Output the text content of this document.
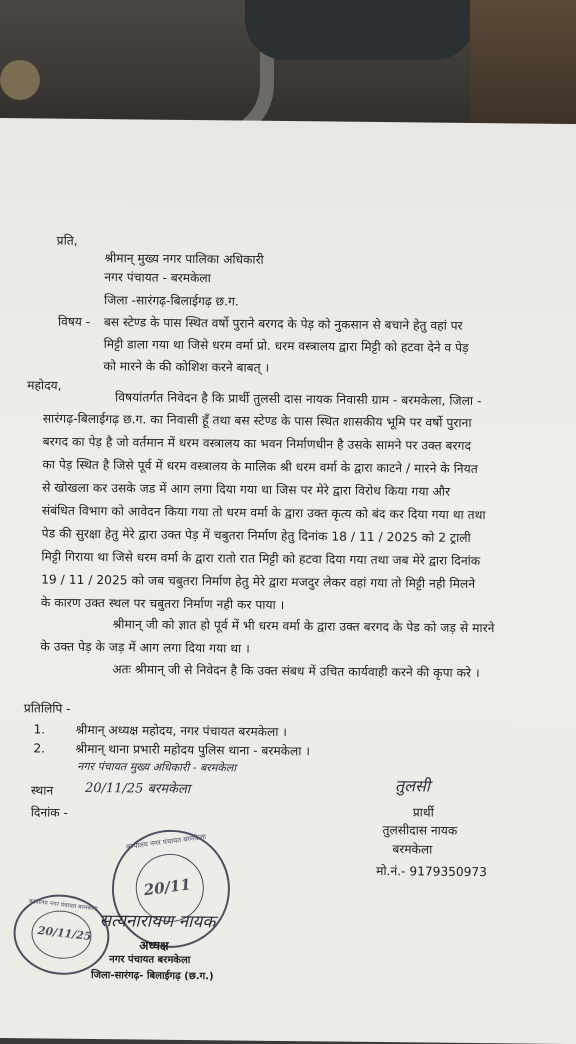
प्रति,
श्रीमान् मुख्य नगर पालिका अधिकारी
नगर पंचायत - बरमकेला
जिला -सारंगढ़-बिलाईगढ़ छ.ग.
विषय - बस स्टेण्ड के पास स्थित वर्षो पुराने बरगद के पेड़ को नुकसान से बचाने हेतु वहां पर
मिट्टी डाला गया था जिसे धरम वर्मा प्रो. धरम वस्त्रालय द्वारा मिट्टी को हटवा देने व पेड़
को मारने के की कोशिश करने बाबत् ।
महोदय,
विषयांतर्गत निवेदन है कि प्रार्थी तुलसी दास नायक निवासी ग्राम - बरमकेला, जिला -
सारंगढ़-बिलाईगढ़ छ.ग. का निवासी हूँ तथा बस स्टेण्ड के पास स्थित शासकीय भूमि पर वर्षो पुराना
बरगद का पेड़ है जो वर्तमान में धरम वस्त्रालय का भवन निर्माणधीन है उसके सामने पर उक्त बरगद
का पेड़ स्थित है जिसे पूर्व में धरम वस्त्रालय के मालिक श्री धरम वर्मा के द्वारा काटने / मारने के नियत
से खोखला कर उसके जड में आग लगा दिया गया था जिस पर मेरे द्वारा विरोध किया गया और
संबंधित विभाग को आवेदन किया गया तो धरम वर्मा के द्वारा उक्त कृत्य को बंद कर दिया गया था तथा
पेड की सुरक्षा हेतु मेरे द्वारा उक्त पेड़ में चबुतरा निर्माण हेतु दिनांक 18 / 11 / 2025 को 2 ट्राली
मिट्टी गिराया था जिसे धरम वर्मा के द्वारा रातो रात मिट्टी को हटवा दिया गया तथा जब मेरे द्वारा दिनांक
19 / 11 / 2025 को जब चबुतरा निर्माण हेतु मेरे द्वारा मजदुर लेकर वहां गया तो मिट्टी नही मिलने
के कारण उक्त स्थल पर चबुतरा निर्माण नही कर पाया ।
श्रीमान् जी को ज्ञात हो पूर्व में भी धरम वर्मा के द्वारा उक्त बरगद के पेड को जड़ से मारने
के उक्त पेड़ के जड़ में आग लगा दिया गया था ।
अतः श्रीमान् जी से निवेदन है कि उक्त संबध में उचित कार्यवाही करने की कृपा करे ।
प्रतिलिपि -
1. श्रीमान् अध्यक्ष महोदय, नगर पंचायत बरमकेला ।
2. श्रीमान् थाना प्रभारी महोदय पुलिस थाना - बरमकेला ।
नगर पंचायत मुख्य अधिकारी - बरमकेला
स्थान 20/11/25 बरमकेला
दिनांक -
तुलसी
प्रार्थी
तुलसीदास नायक
बरमकेला
मो.नं.- 9179350973
20/11
कार्यालय नगर पंचायत बरमकेला
20/11/25
कार्यालय नगर पंचायत बरमकेला
सत्यनारायण नायक
अध्यक्ष
नगर पंचायत बरमकेला
जिला-सारंगढ़- बिलाईगढ़ (छ.ग.)
